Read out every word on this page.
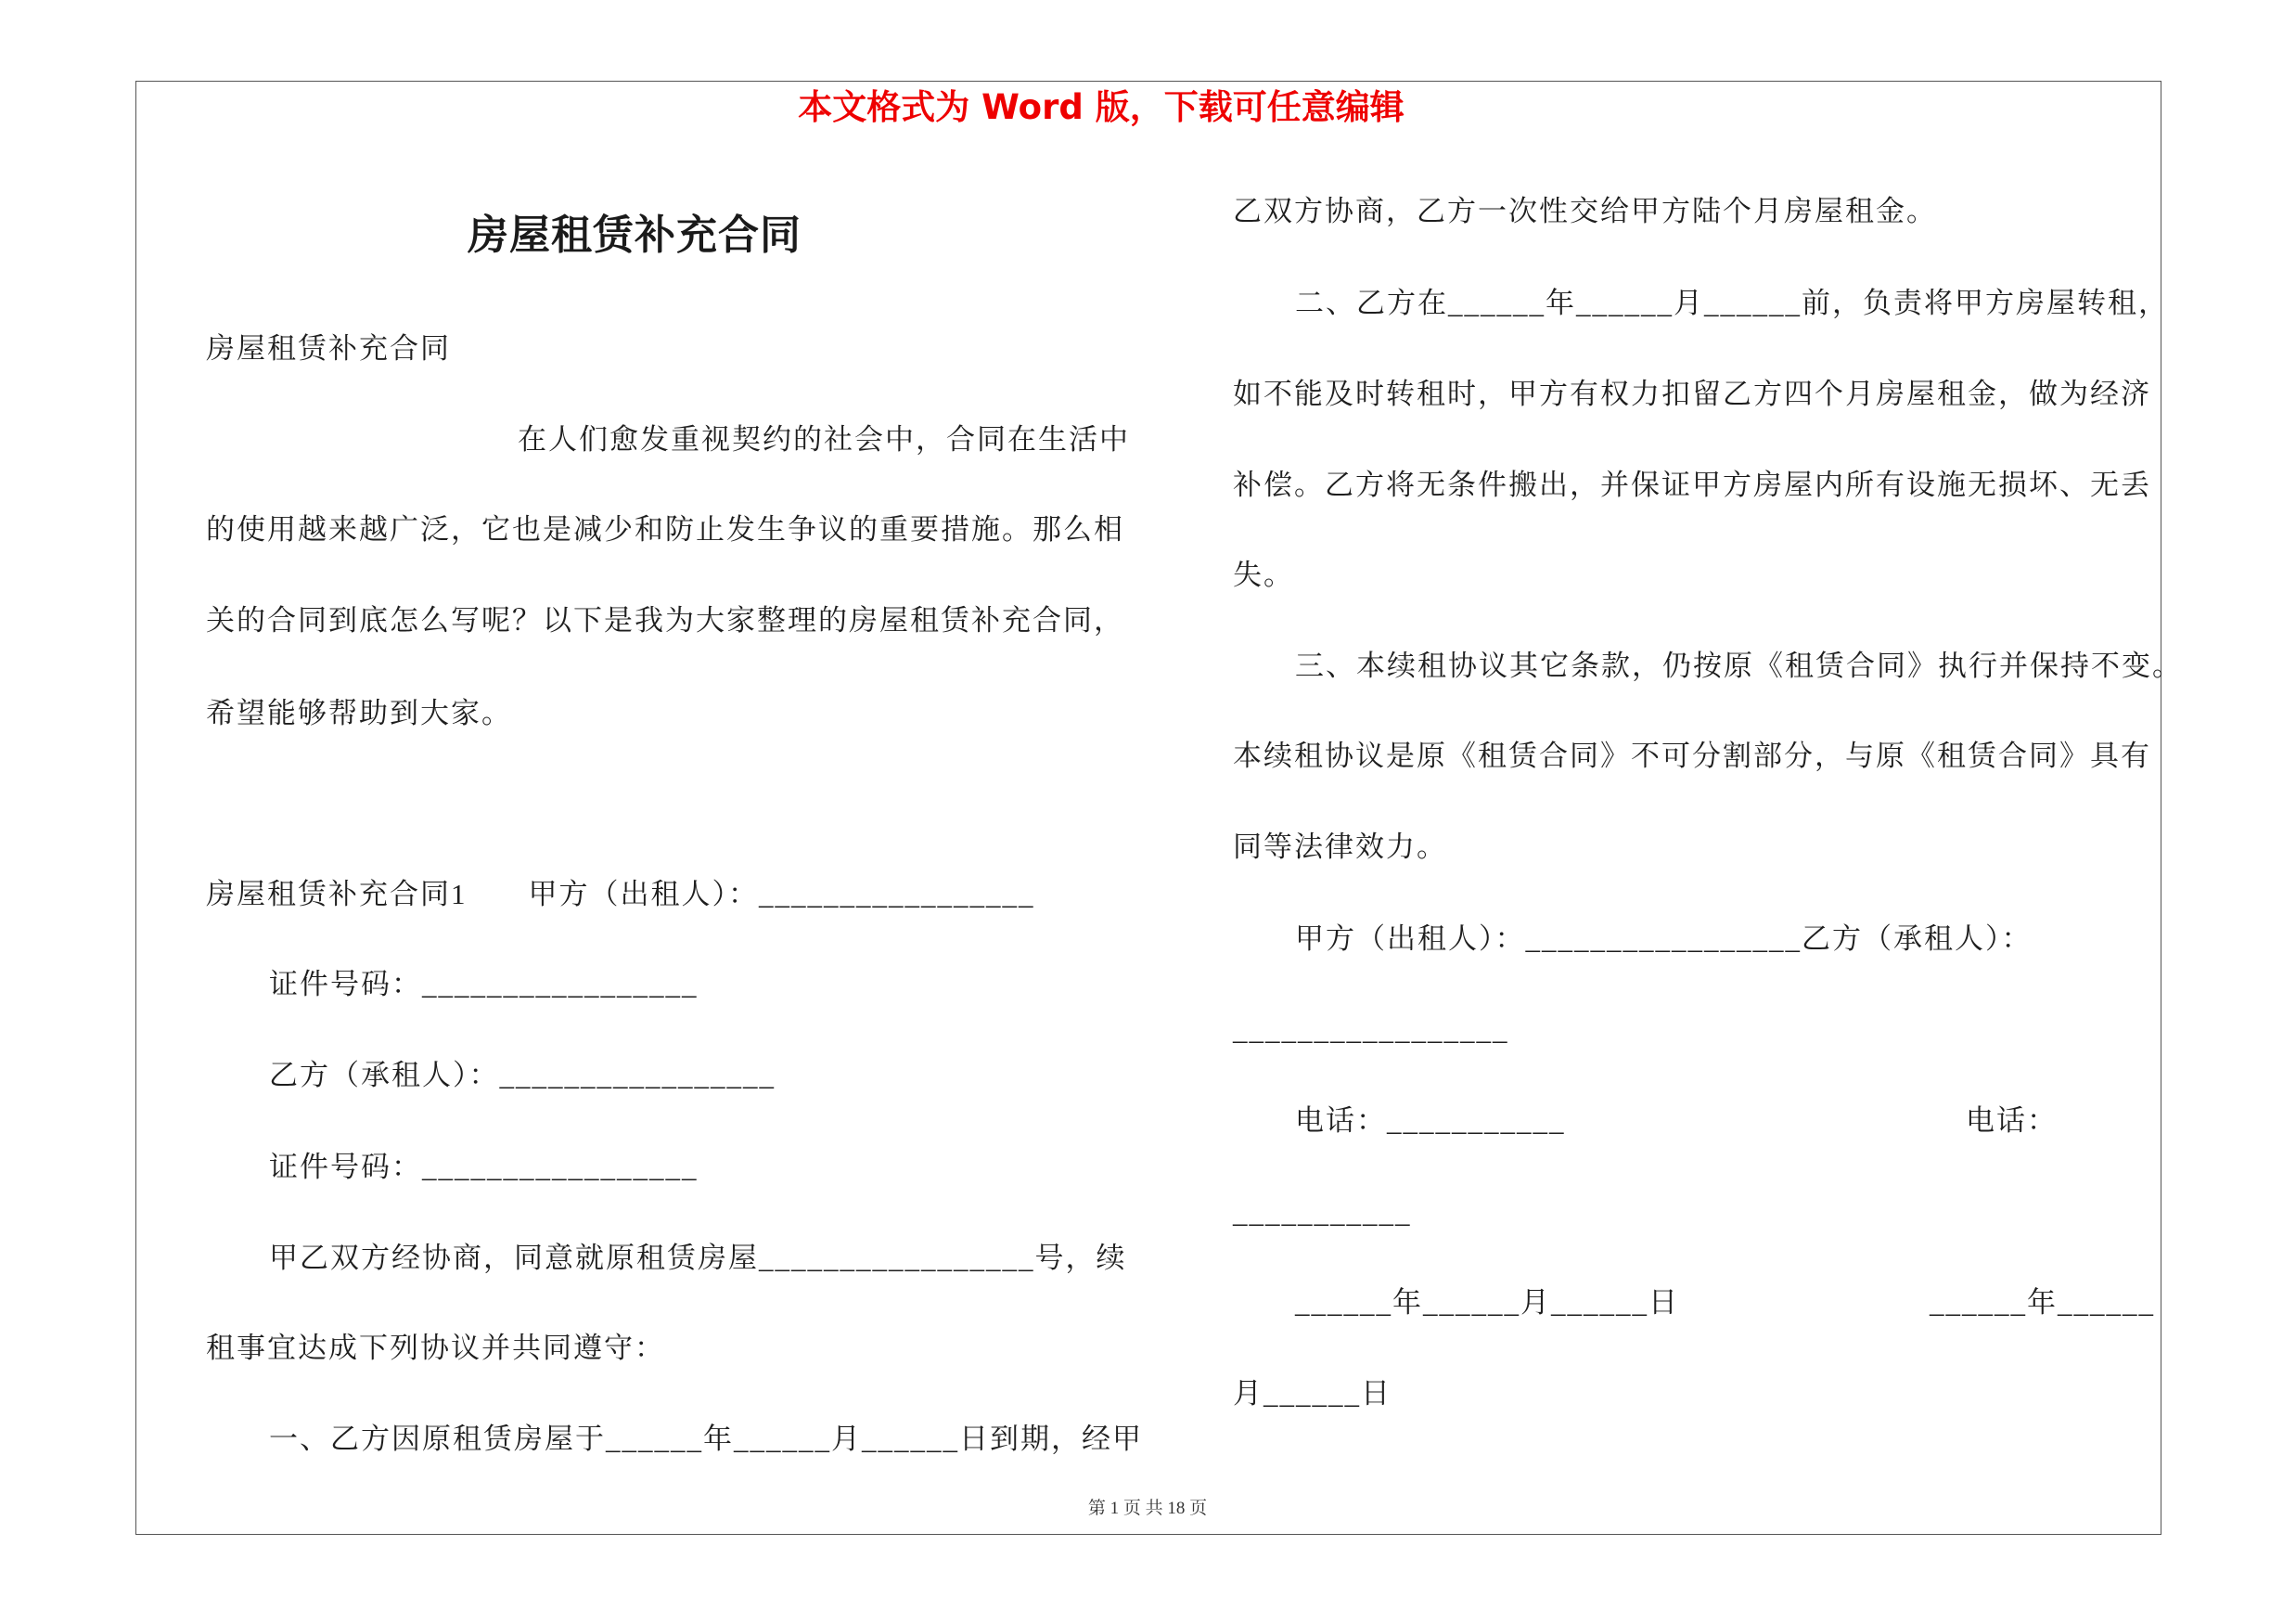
本文格式为 Word 版，下载可任意编辑
房屋租赁补充合同
房屋租赁补充合同
在人们愈发重视契约的社会中，合同在生活中
的使用越来越广泛，它也是减少和防止发生争议的重要措施。那么相
关的合同到底怎么写呢？以下是我为大家整理的房屋租赁补充合同，
希望能够帮助到大家。
房屋租赁补充合同1　　甲方（出租人）：_________________
证件号码：_________________
乙方（承租人）：_________________
证件号码：_________________
甲乙双方经协商，同意就原租赁房屋_________________号，续
租事宜达成下列协议并共同遵守：
一、乙方因原租赁房屋于______年______月______日到期，经甲
乙双方协商，乙方一次性交给甲方陆个月房屋租金。
二、乙方在______年______月______前，负责将甲方房屋转租，
如不能及时转租时，甲方有权力扣留乙方四个月房屋租金，做为经济
补偿。乙方将无条件搬出，并保证甲方房屋内所有设施无损坏、无丢
失。
三、本续租协议其它条款，仍按原《租赁合同》执行并保持不变。
本续租协议是原《租赁合同》不可分割部分，与原《租赁合同》具有
同等法律效力。
甲方（出租人）：_________________乙方（承租人）：
_________________
电话：___________	电话：
___________
______年______月______日	______年______
月______日
第 1 页 共 18 页
